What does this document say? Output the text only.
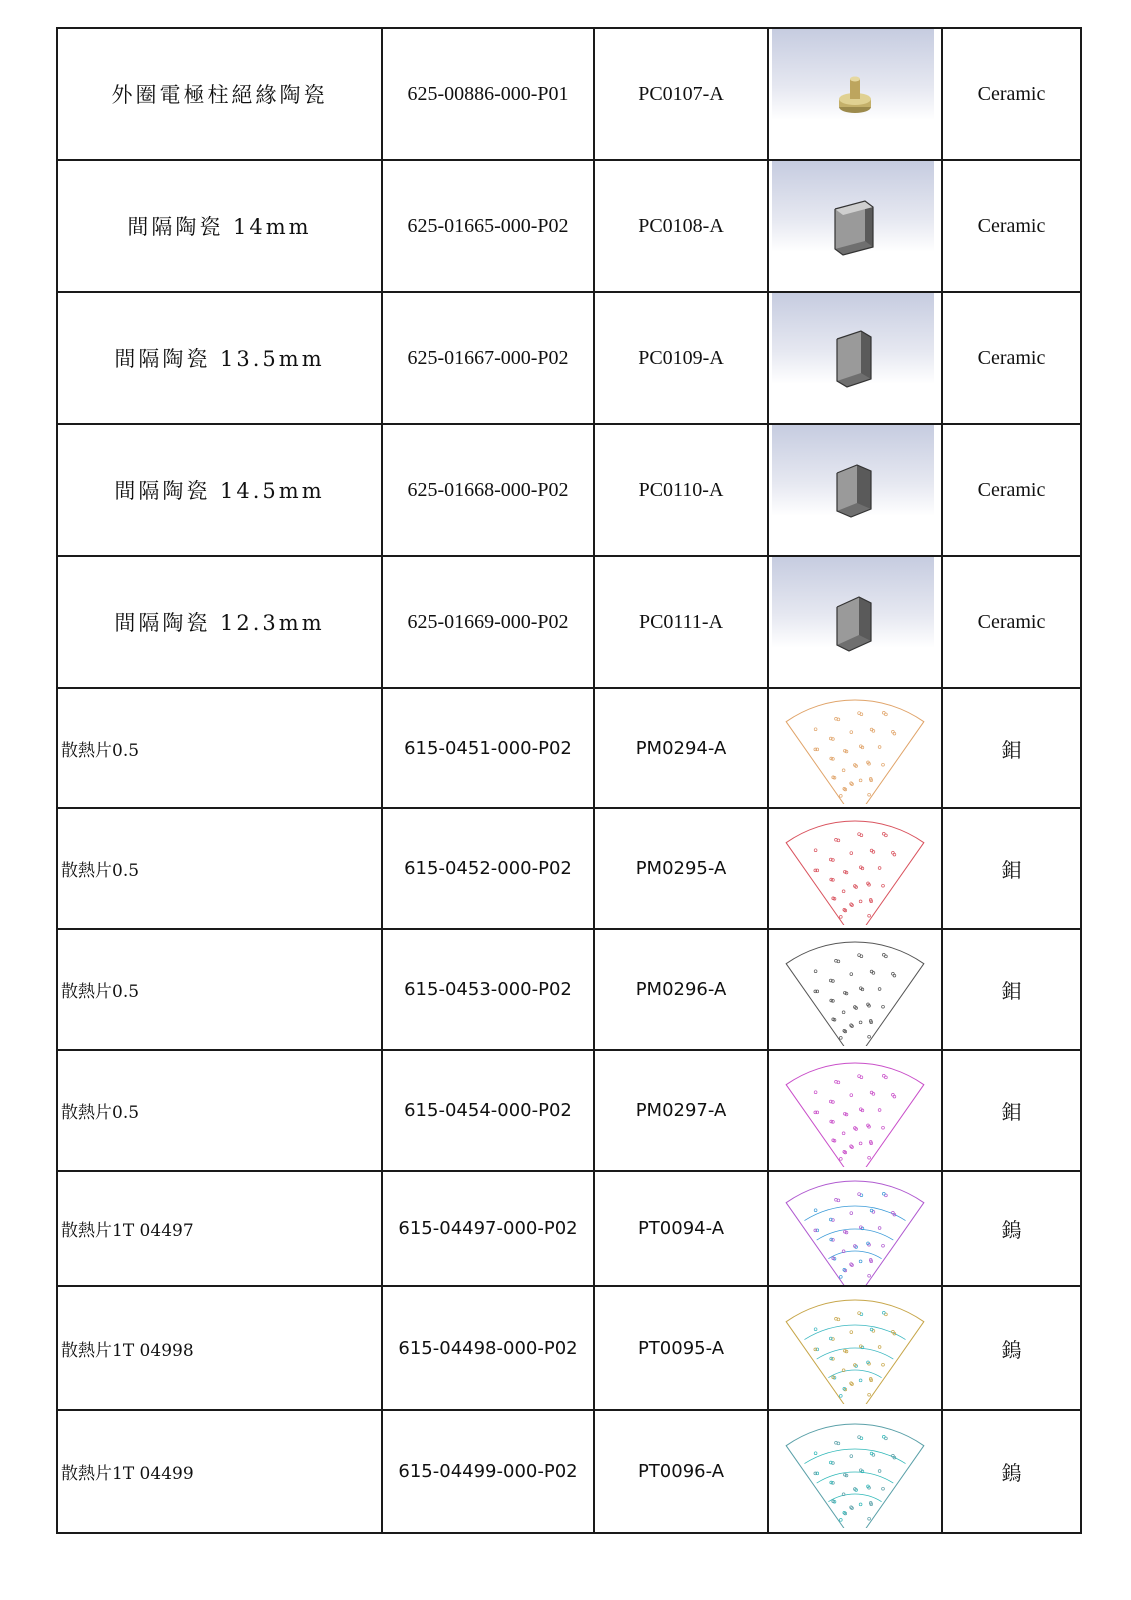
外圈電極柱絕緣陶瓷	625-00886-000-P01	PC0107-A		Ceramic
間隔陶瓷 14mm	625-01665-000-P02	PC0108-A		Ceramic
間隔陶瓷 13.5mm	625-01667-000-P02	PC0109-A		Ceramic
間隔陶瓷 14.5mm	625-01668-000-P02	PC0110-A		Ceramic
間隔陶瓷 12.3mm	625-01669-000-P02	PC0111-A		Ceramic
散熱片0.5	615-0451-000-P02	PM0294-A		鉬
散熱片0.5	615-0452-000-P02	PM0295-A		鉬
散熱片0.5	615-0453-000-P02	PM0296-A		鉬
散熱片0.5	615-0454-000-P02	PM0297-A		鉬
散熱片1T 04497	615-04497-000-P02	PT0094-A		鎢
散熱片1T 04998	615-04498-000-P02	PT0095-A		鎢
散熱片1T 04499	615-04499-000-P02	PT0096-A		鎢
